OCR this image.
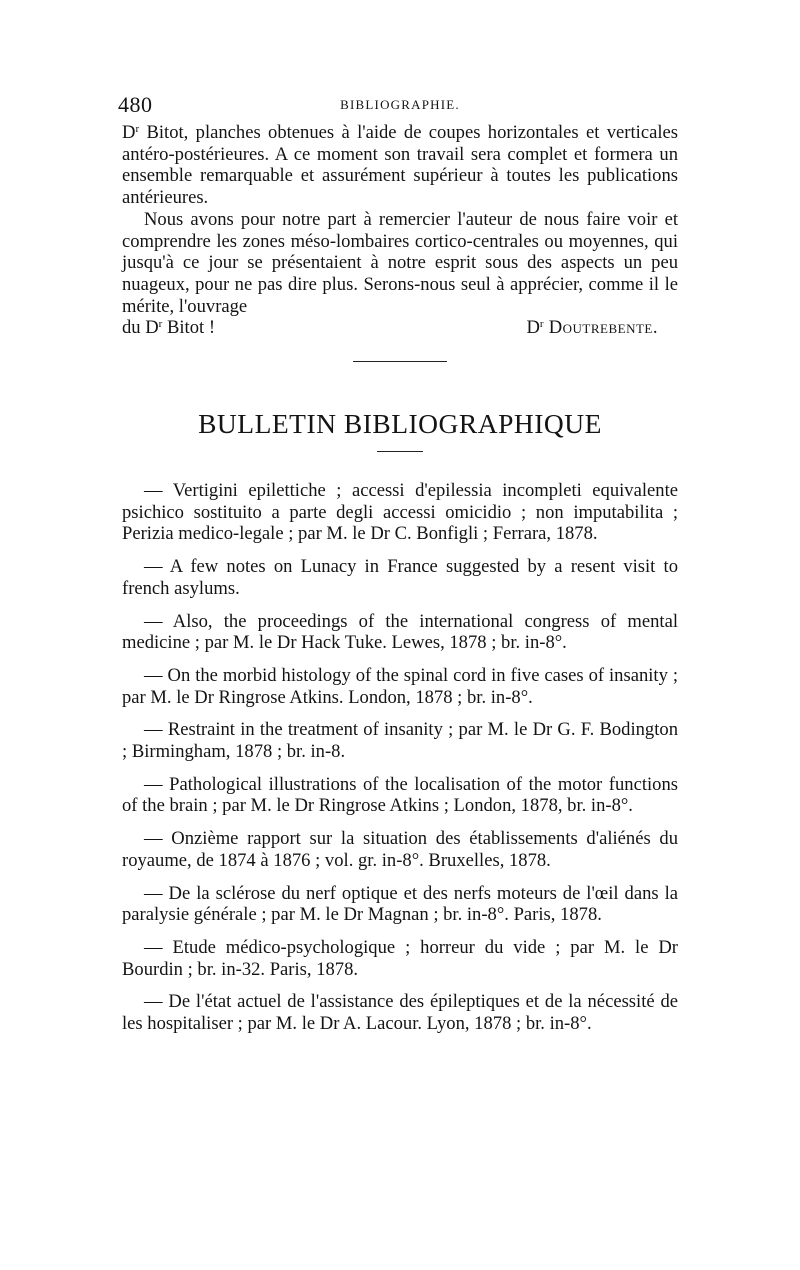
480	BIBLIOGRAPHIE.

$D^r$ Bitot, planches obtenues à l'aide de coupes horizontales et verticales antéro-postérieures. A ce moment son travail sera complet et formera un ensemble remarquable et assurément supérieur à toutes les publications antérieures.

Nous avons pour notre part à remercier l'auteur de nous faire voir et comprendre les zones méso-lombaires cortico-centrales ou moyennes, qui jusqu'à ce jour se présentaient à notre esprit sous des aspects un peu nuageux, pour ne pas dire plus. Serons-nous seul à apprécier, comme il le mérite, l'ouvrage

du $D^r$ Bitot !	$D^r$ Doutrebente.
BULLETIN BIBLIOGRAPHIQUE

— Vertigini epilettiche ; accessi d'epilessia incompleti equivalente psichico sostituito a parte degli accessi omicidio ; non imputabilita ; Perizia medico-legale ; par M. le Dr C. Bonfigli ; Ferrara, 1878.

— A few notes on Lunacy in France suggested by a resent visit to french asylums.

— Also, the proceedings of the international congress of mental medicine ; par M. le Dr Hack Tuke. Lewes, 1878 ; br. in-8°.

— On the morbid histology of the spinal cord in five cases of insanity ; par M. le Dr Ringrose Atkins. London, 1878 ; br. in-8°.

— Restraint in the treatment of insanity ; par M. le Dr G. F. Bodington ; Birmingham, 1878 ; br. in-8.

— Pathological illustrations of the localisation of the motor functions of the brain ; par M. le Dr Ringrose Atkins ; London, 1878, br. in-8°.

— Onzième rapport sur la situation des établissements d'aliénés du royaume, de 1874 à 1876 ; vol. gr. in-8°. Bruxelles, 1878.

— De la sclérose du nerf optique et des nerfs moteurs de l'œil dans la paralysie générale ; par M. le Dr Magnan ; br. in-8°. Paris, 1878.

— Etude médico-psychologique ; horreur du vide ; par M. le Dr Bourdin ; br. in-32. Paris, 1878.

— De l'état actuel de l'assistance des épileptiques et de la nécessité de les hospitaliser ; par M. le Dr A. Lacour. Lyon, 1878 ; br. in-8°.
